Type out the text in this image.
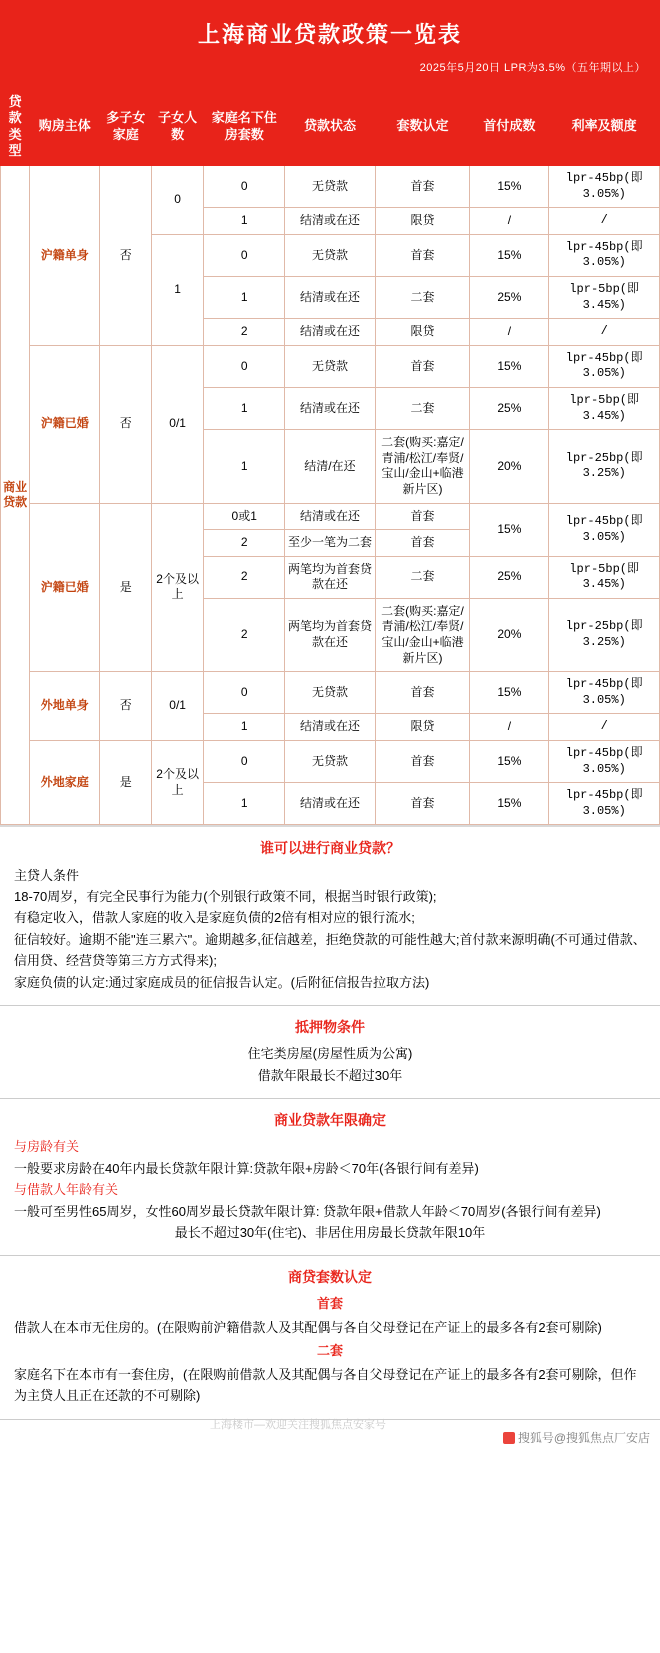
上海商业贷款政策一览表
2025年5月20日 LPR为3.5%（五年期以上）
贷款类型	购房主体	多子女家庭	子女人数	家庭名下住房套数	贷款状态	套数认定	首付成数	利率及额度
商业贷款	沪籍单身	否	0	0	无贷款	首套	15%	lpr-45bp(即3.05%)
				1	结清或在还	限贷	/	/
			1	0	无贷款	首套	15%	lpr-45bp(即3.05%)
				1	结清或在还	二套	25%	lpr-5bp(即3.45%)
				2	结清或在还	限贷	/	/
	沪籍已婚	否	0/1	0	无贷款	首套	15%	lpr-45bp(即3.05%)
				1	结清或在还	二套	25%	lpr-5bp(即3.45%)
				1	结清/在还	二套(购买:嘉定/青浦/松江/奉贤/宝山/金山+临港新片区)	20%	lpr-25bp(即3.25%)
	沪籍已婚	是	2个及以上	0或1	结清或在还	首套	15%	lpr-45bp(即3.05%)
				2	至少一笔为二套	首套		
				2	两笔均为首套贷款在还	二套	25%	lpr-5bp(即3.45%)
				2	两笔均为首套贷款在还	二套(购买:嘉定/青浦/松江/奉贤/宝山/金山+临港新片区)	20%	lpr-25bp(即3.25%)
	外地单身	否	0/1	0	无贷款	首套	15%	lpr-45bp(即3.05%)
				1	结清或在还	限贷	/	/
	外地家庭	是	2个及以上	0	无贷款	首套	15%	lpr-45bp(即3.05%)
				1	结清或在还	首套	15%	lpr-45bp(即3.05%)
谁可以进行商业贷款？

主贷人条件

18-70周岁，有完全民事行为能力(个别银行政策不同，根据当时银行政策);

有稳定收入，借款人家庭的收入是家庭负债的2倍有相对应的银行流水;

征信较好。逾期不能"连三累六"。逾期越多,征信越差，拒绝贷款的可能性越大;首付款来源明确(不可通过借款、信用贷、经营贷等第三方方式得来);

家庭负债的认定:通过家庭成员的征信报告认定。(后附征信报告拉取方法)

抵押物条件

住宅类房屋(房屋性质为公寓)

借款年限最长不超过30年

商业贷款年限确定

与房龄有关

一般要求房龄在40年内最长贷款年限计算:贷款年限+房龄＜70年(各银行间有差异)

与借款人年龄有关

一般可至男性65周岁，女性60周岁最长贷款年限计算: 贷款年限+借款人年龄＜70周岁(各银行间有差异)

最长不超过30年(住宅)、非居住用房最长贷款年限10年

商贷套数认定
首套

借款人在本市无住房的。(在限购前沪籍借款人及其配偶与各自父母登记在产证上的最多各有2套可剔除)

二套

家庭名下在本市有一套住房，(在限购前借款人及其配偶与各自父母登记在产证上的最多各有2套可剔除，但作为主贷人且正在还款的不可剔除)

上海楼市—欢迎关注搜狐焦点安家号
搜狐号@搜狐焦点厂安店
